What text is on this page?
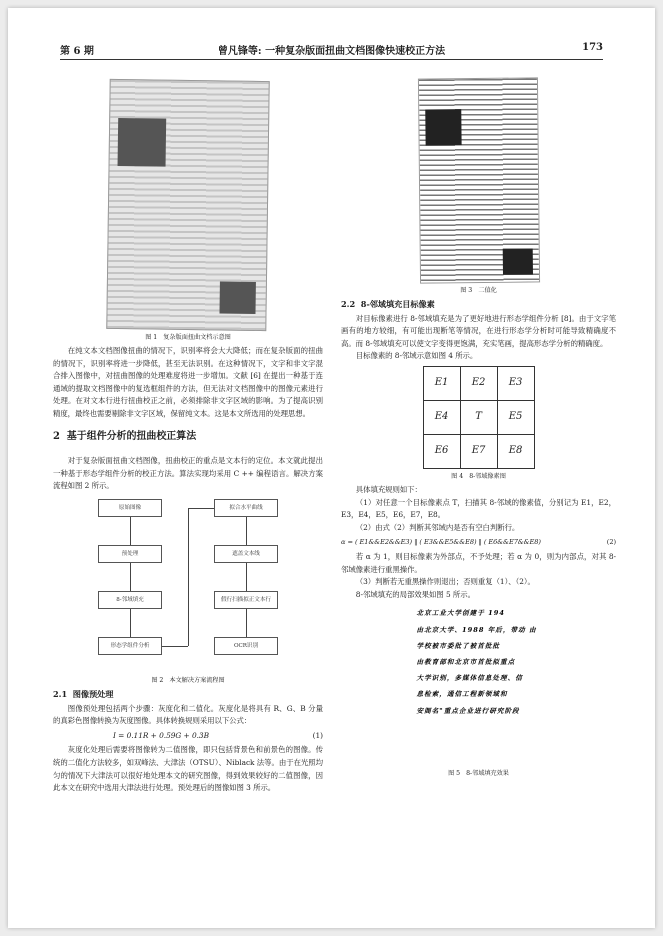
第 6 期	曾凡锋等: 一种复杂版面扭曲文档图像快速校正方法	173
图 1　复杂版面扭曲文档示意图

在纯文本文档图像扭曲的情况下，识别率将会大大降低；而在复杂版面的扭曲的情况下，识别率将进一步降低，甚至无法识别。在这种情况下，文字和非文字混合排入图像中，对扭曲图像的处理难度将进一步增加。文献 [6] 在提出一种基于连通域的提取文档图像中的复选框组件的方法，但无法对文档图像中的图像元素进行处理。在对文本行进行扭曲校正之前，必须排除非文字区域的影响。为了提高识别精度，最终也需要剔除非文字区域，保留纯文本。这是本文所选用的处理思想。

2 基于组件分析的扭曲校正算法

对于复杂版面扭曲文档图像，扭曲校正的重点是文本行的定位。本文就此提出一种基于形态学组件分析的校正方法。算法实现均采用 C ++ 编程语言。解决方案流程如图 2 所示。

原始图像
预处理
8-邻域填充
形态学组件分析
拟合水平曲线
遮盖文本线
假行扫描拟正文本行
OCR识别
图 2　本文解决方案流程图
2.1 图像预处理

图像预处理包括两个步骤：灰度化和二值化。灰度化是将具有 R、G、B 分量的真彩色图像转换为灰度图像。具体转换规则采用以下公式：

I = 0.11R + 0.59G + 0.3B	(1)

灰度化处理后需要将图像转为二值图像，即只包括背景色和前景色的图像。传统的二值化方法较多，如双峰法、大津法（OTSU）、Niblack 法等。由于在光照均匀的情况下大津法可以很好地处理本文的研究图像，得到效果较好的二值图像，因此本文在研究中选用大津法进行处理。预处理后的图像如图 3 所示。

图 3　二值化
2.2 8-邻域填充目标像素

对目标像素进行 8-邻域填充是为了更好地进行形态学组件分析 [8]。由于文字笔画有的地方较细，有可能出现断笔等情况，在进行形态学分析时可能导致精确度不高。而 8-邻域填充可以使文字变得更饱满，充实笔画，提高形态学分析的精确度。

目标像素的 8-邻域示意如图 4 所示。

E1	E2	E3
E4	T	E5
E6	E7	E8
图 4　8-邻域像素图

具体填充规则如下：

（1）对任意一个目标像素点 T，扫描其 8-邻域的像素值，分别记为 E1，E2，E3，E4，E5，E6，E7，E8。

（2）由式（2）判断其邻域内是否有空白判断行。

α = ( E1&&E2&&E3) ‖ ( E3&&E5&&E8) ‖ ( E6&&E7&&E8)	(2)

若 α 为 1，则目标像素为外部点，不予处理；若 α 为 0，则为内部点，对其 8-邻域像素进行重黑操作。

（3）判断若无重黑操作则退出；否则重复（1）、（2）。

8-邻域填充的局部效果如图 5 所示。

北京工业大学创建于 194
由北京大学、1988 年后，带动 由
学校被市委批了被首批批
由教育部和北京市首批拟重点
大学识别，多媒体信息处理、信
息检索，通信工程新领域和
安阁名"重点企业进行研究阶段
图 5　8-邻域填充效果
